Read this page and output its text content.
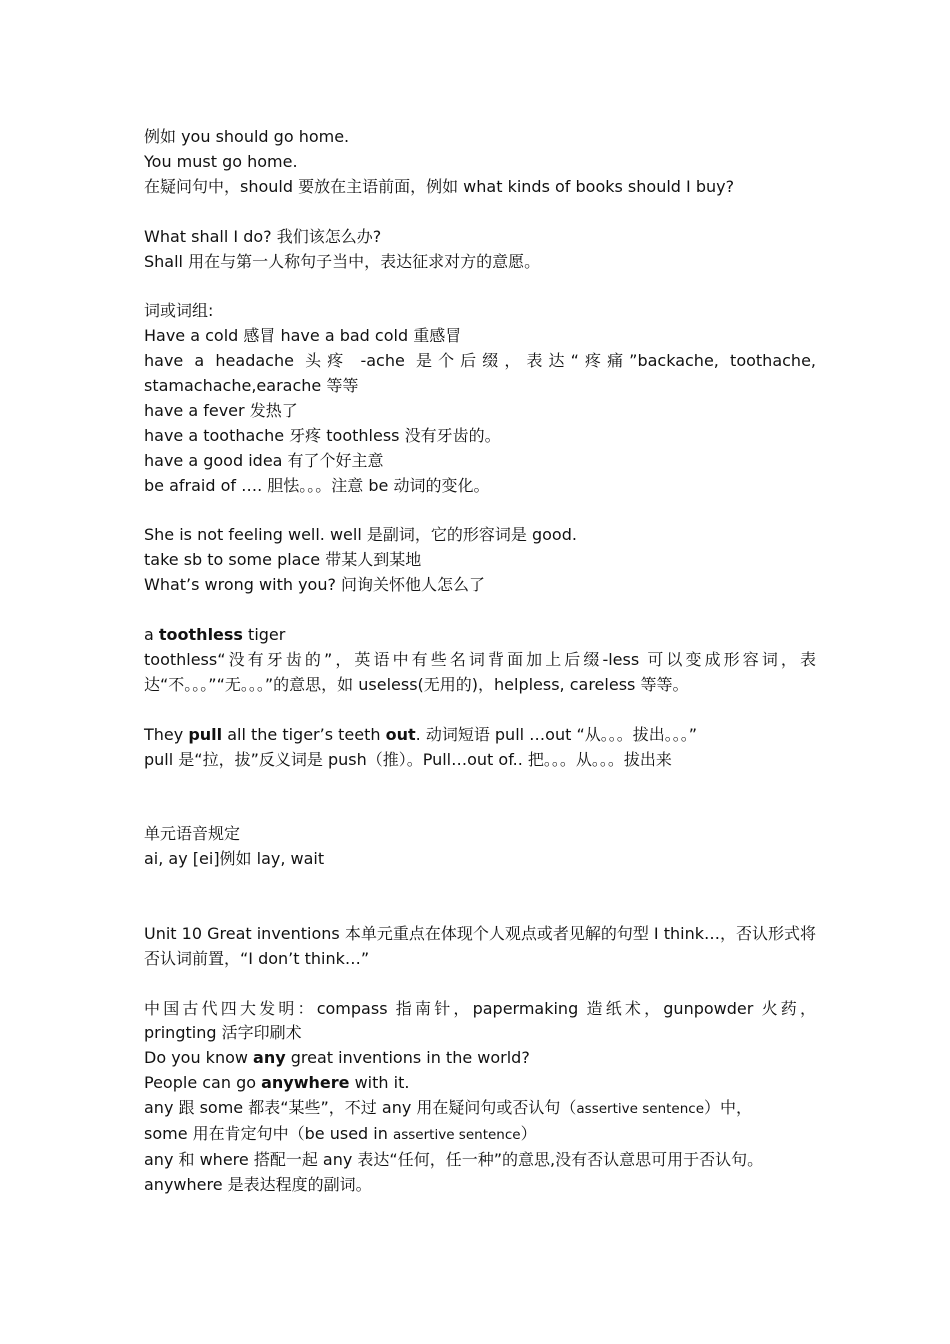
例如 you should go home.
You must go home.
在疑问句中，should 要放在主语前面，例如 what kinds of books should I buy?
What shall I do? 我们该怎么办?
Shall 用在与第一人称句子当中，表达征求对方的意愿。
词或词组:
Have a cold 感冒 have a bad cold 重感冒
have a headache 头疼 -ache 是个后缀，表达“疼痛”backache, toothache, stamachache,earache 等等
have a fever 发热了
have a toothache 牙疼 toothless 没有牙齿的。
have a good idea 有了个好主意
be afraid of …. 胆怯。。。注意 be 动词的变化。
She is not feeling well. well 是副词，它的形容词是 good.
take sb to some place 带某人到某地
What’s wrong with you? 问询关怀他人怎么了
a toothless tiger
toothless“没有牙齿的”，英语中有些名词背面加上后缀-less 可以变成形容词，表达“不。。。”“无。。。”的意思，如 useless(无用的)，helpless, careless 等等。
They pull all the tiger’s teeth out. 动词短语 pull …out “从。。。拔出。。。”
pull 是“拉，拔”反义词是 push（推）。Pull…out of.. 把。。。从。。。拔出来
单元语音规定
ai, ay [ei]例如 lay, wait
Unit 10 Great inventions 本单元重点在体现个人观点或者见解的句型 I think…，否认形式将否认词前置，“I don’t think…”
中国古代四大发明：compass 指南针，papermaking 造纸术，gunpowder 火药，pringting 活字印刷术
Do you know any great inventions in the world?
People can go anywhere with it.
any 跟 some 都表“某些”，不过 any 用在疑问句或否认句（assertive sentence）中，
some 用在肯定句中（be used in assertive sentence）
any 和 where 搭配一起 any 表达“任何，任一种”的意思,没有否认意思可用于否认句。
anywhere 是表达程度的副词。
